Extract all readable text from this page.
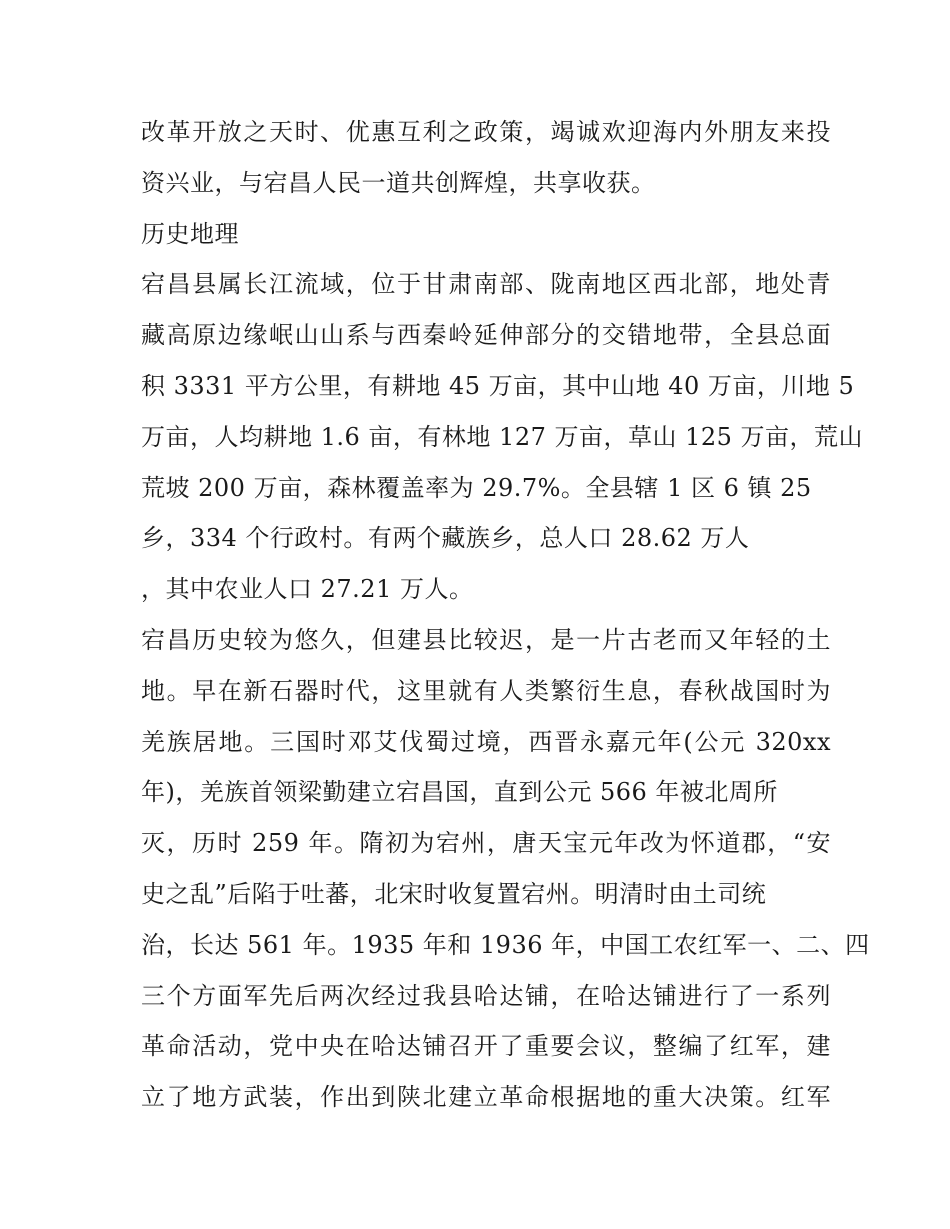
改革开放之天时、优惠互利之政策，竭诚欢迎海内外朋友来投
资兴业，与宕昌人民一道共创辉煌，共享收获。
历史地理
宕昌县属长江流域，位于甘肃南部、陇南地区西北部，地处青
藏高原边缘岷山山系与西秦岭延伸部分的交错地带，全县总面
积 3331 平方公里，有耕地 45 万亩，其中山地 40 万亩，川地 5
万亩，人均耕地 1.6 亩，有林地 127 万亩，草山 125 万亩，荒山
荒坡 200 万亩，森林覆盖率为 29.7%。全县辖 1 区 6 镇 25
乡，334 个行政村。有两个藏族乡，总人口 28.62 万人
，其中农业人口 27.21 万人。
宕昌历史较为悠久，但建县比较迟，是一片古老而又年轻的土
地。早在新石器时代，这里就有人类繁衍生息，春秋战国时为
羌族居地。三国时邓艾伐蜀过境，西晋永嘉元年(公元 320xx
年)，羌族首领梁勤建立宕昌国，直到公元 566 年被北周所
灭，历时 259 年。隋初为宕州，唐天宝元年改为怀道郡，“安
史之乱”后陷于吐蕃，北宋时收复置宕州。明清时由土司统
治，长达 561 年。1935 年和 1936 年，中国工农红军一、二、四
三个方面军先后两次经过我县哈达铺，在哈达铺进行了一系列
革命活动，党中央在哈达铺召开了重要会议，整编了红军，建
立了地方武装，作出到陕北建立革命根据地的重大决策。红军
